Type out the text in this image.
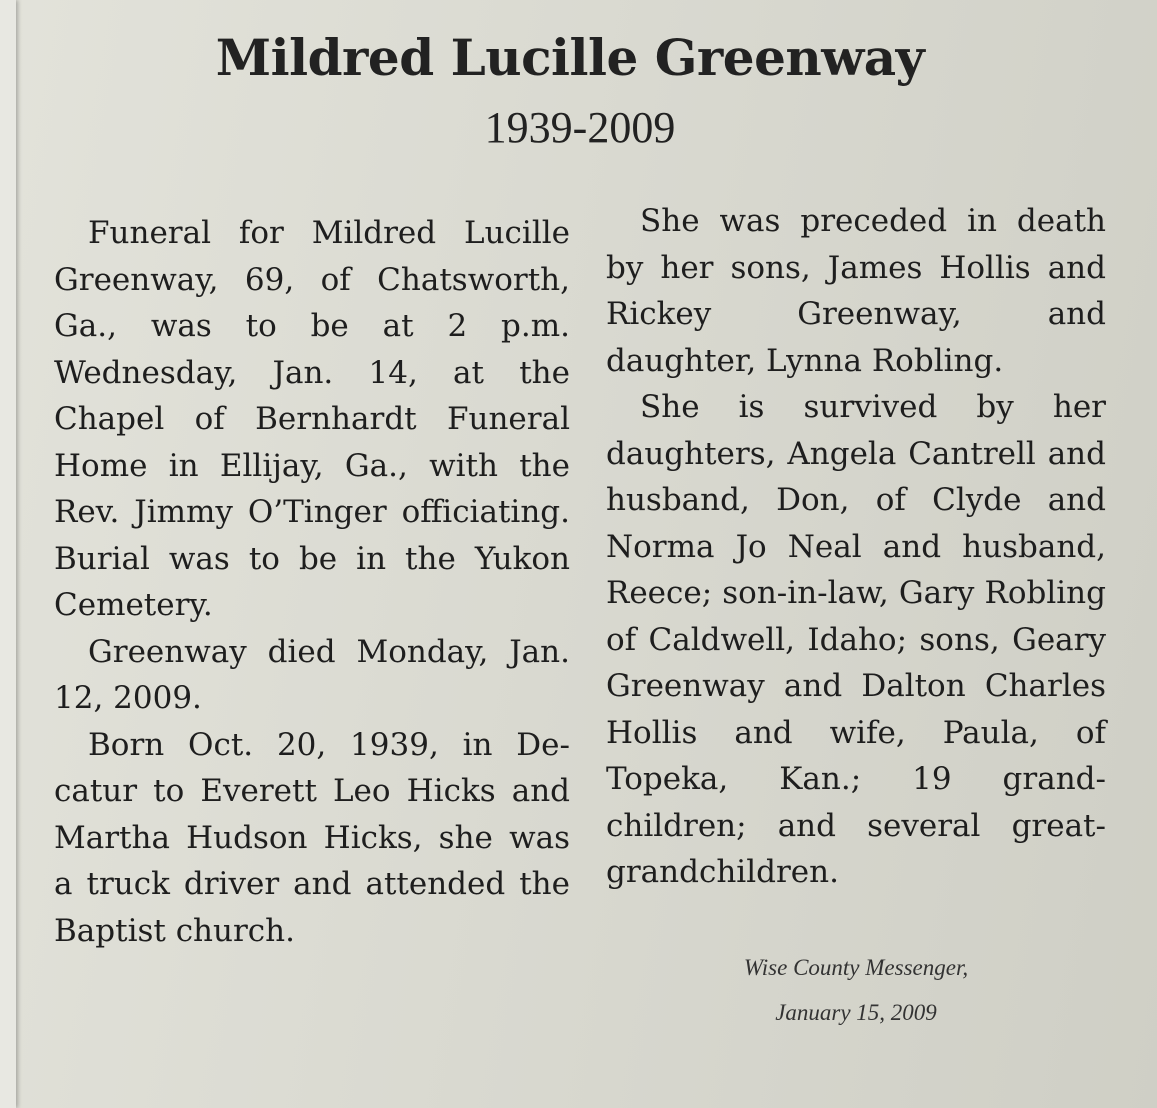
Mildred Lucille Greenway
1939-2009

Funeral for Mildred Lucille Greenway, 69, of Chatsworth, Ga., was to be at 2 p.m. Wednesday, Jan. 14, at the Chapel of Bernhardt Funeral Home in Ellijay, Ga., with the Rev. Jimmy O’Tinger officiating. Burial was to be in the Yukon Cemetery.

Greenway died Monday, Jan. 12, 2009.

Born Oct. 20, 1939, in Decatur to Everett Leo Hicks and Martha Hudson Hicks, she was a truck driver and attended the Baptist church.

She was preceded in death by her sons, James Hollis and Rickey Greenway, and daughter, Lynna Robling.

She is survived by her daughters, Angela Cantrell and husband, Don, of Clyde and Norma Jo Neal and husband, Reece; son-in-law, Gary Robling of Caldwell, Idaho; sons, Geary Greenway and Dalton Charles Hollis and wife, Paula, of Topeka, Kan.; 19 grandchildren; and several great-grandchildren.

Wise County Messenger,
January 15, 2009
